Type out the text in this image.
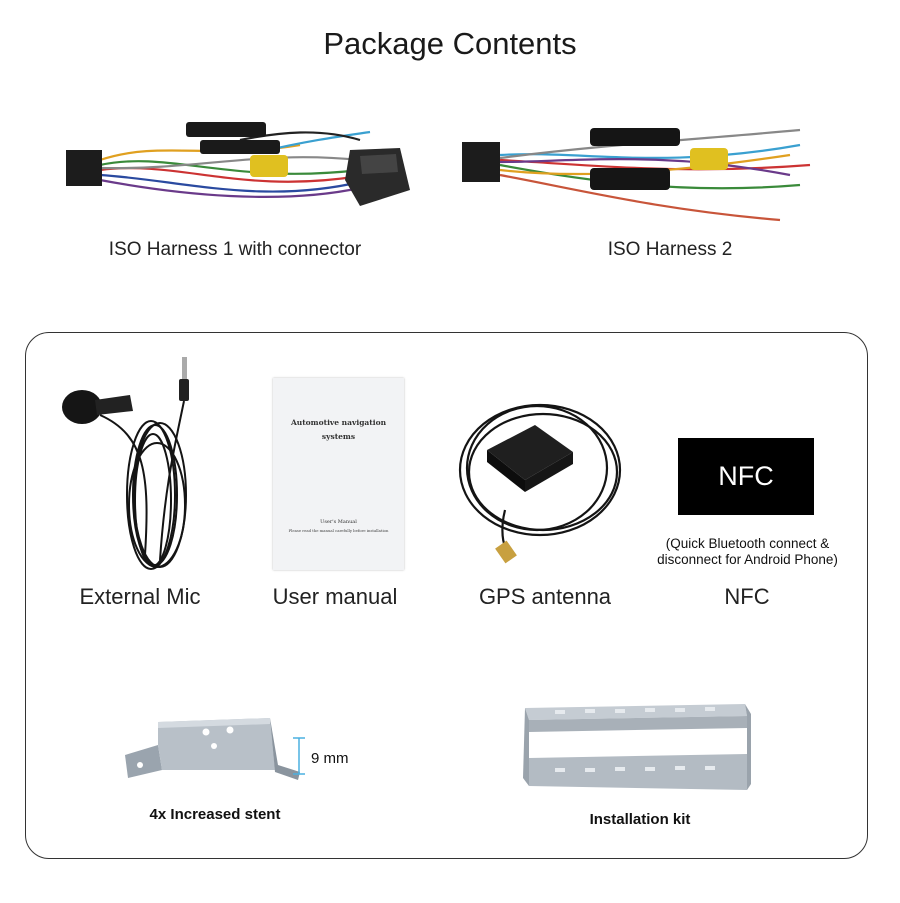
Package Contents
ISO Harness 1 with connector	ISO Harness 2
External Mic
Automotive navigation
systems
User's Manual
Please read the manual carefully before installation
User manual	GPS antenna
NFC
(Quick Bluetooth connect &
disconnect for Android Phone)
NFC
9 mm
4x Increased stent	Installation kit
